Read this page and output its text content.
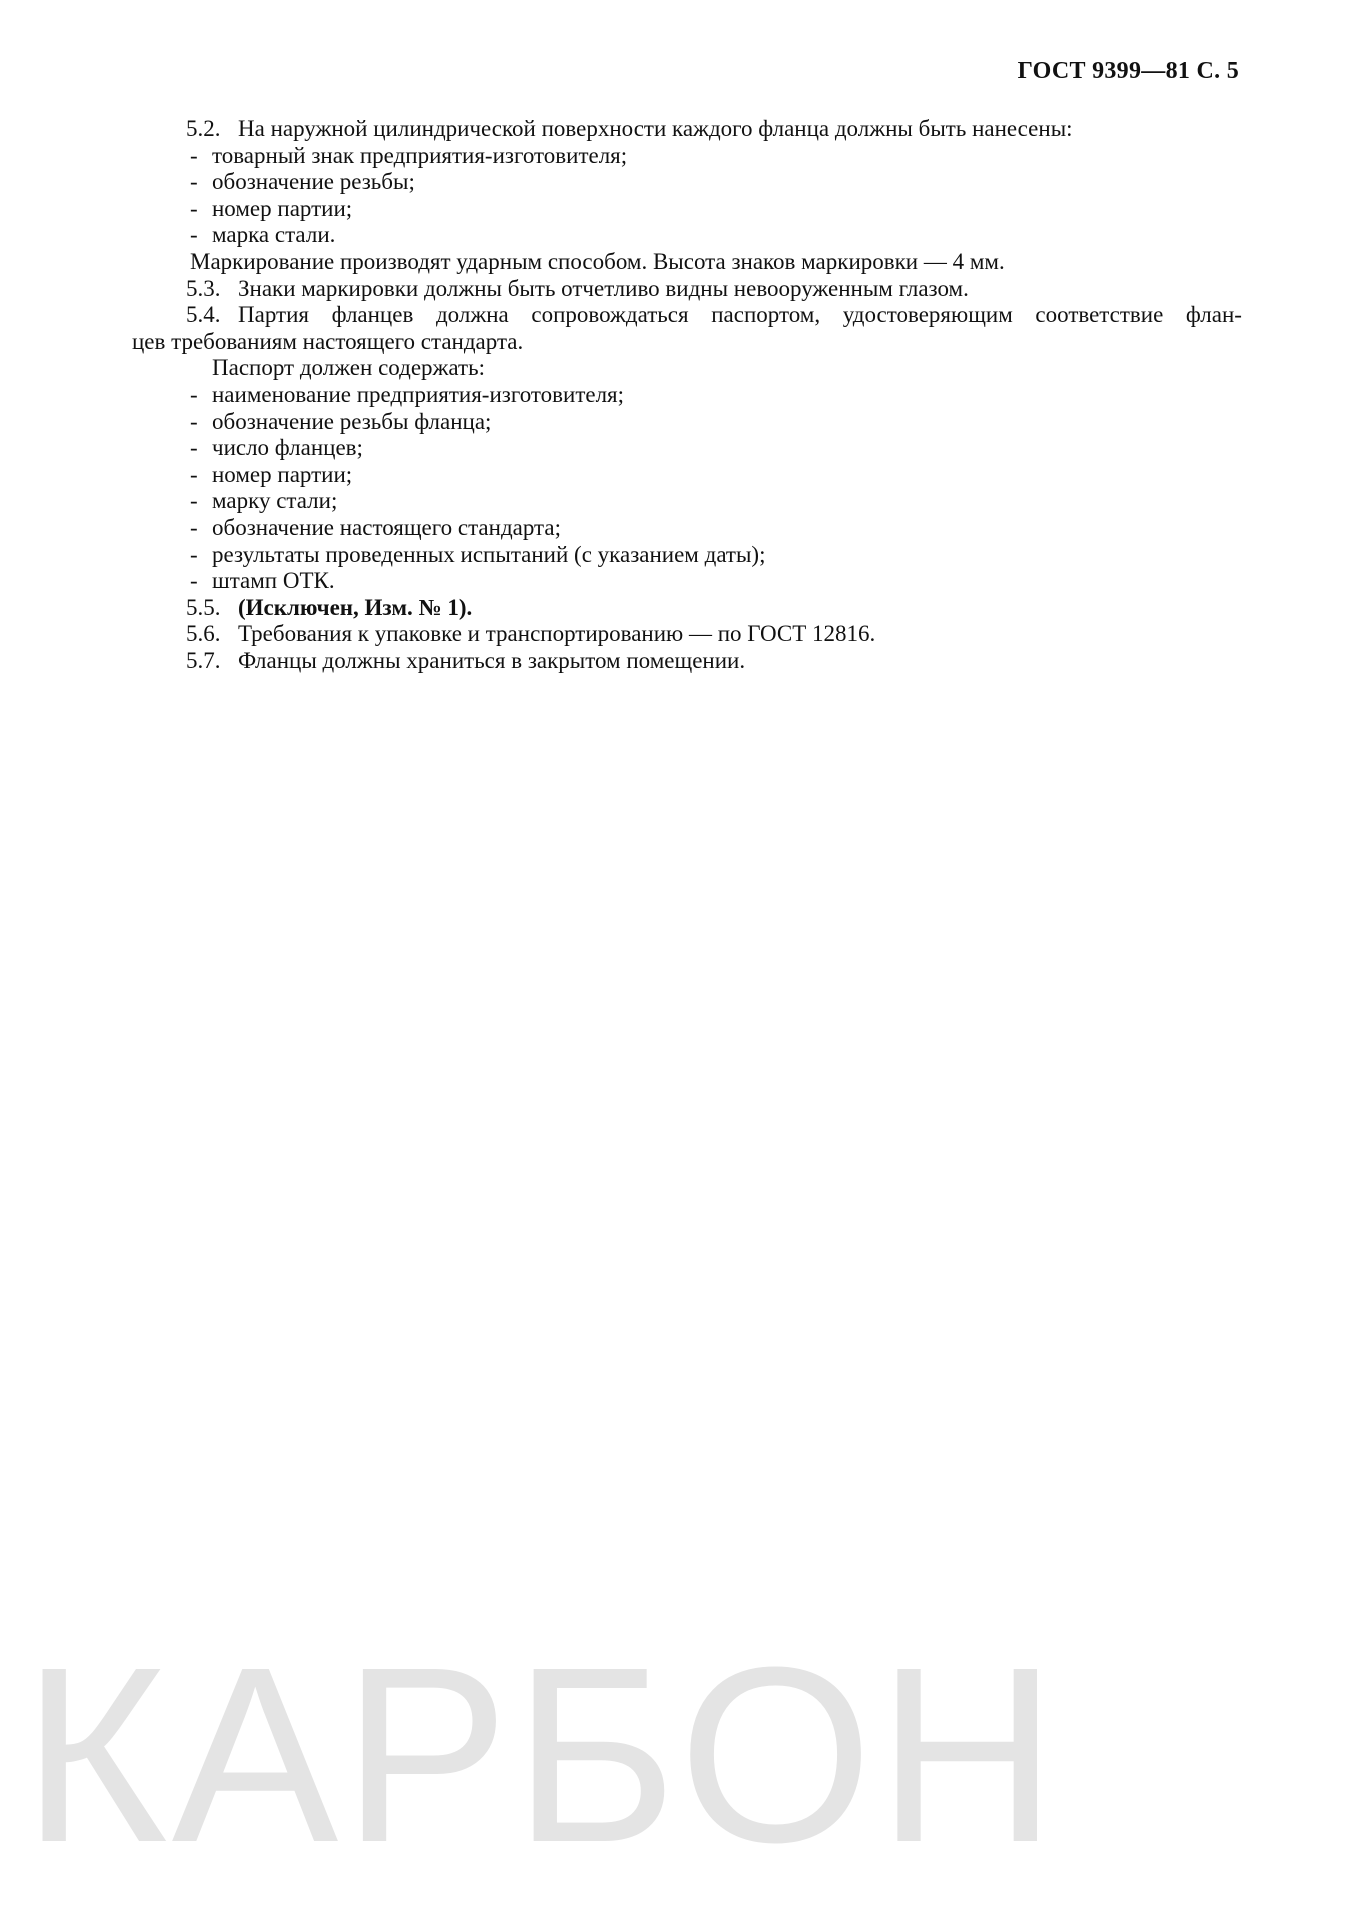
ГОСТ 9399—81 С. 5
5.2. На наружной цилиндрической поверхности каждого фланца должны быть нанесены:
- товарный знак предприятия-изготовителя;
- обозначение резьбы;
- номер партии;
- марка стали.
Маркирование производят ударным способом. Высота знаков маркировки — 4 мм.
5.3. Знаки маркировки должны быть отчетливо видны невооруженным глазом.
5.4. Партия фланцев должна сопровождаться паспортом, удостоверяющим соответствие флан-
цев требованиям настоящего стандарта.
Паспорт должен содержать:
- наименование предприятия-изготовителя;
- обозначение резьбы фланца;
- число фланцев;
- номер партии;
- марку стали;
- обозначение настоящего стандарта;
- результаты проведенных испытаний (с указанием даты);
- штамп ОТК.
5.5. (Исключен, Изм. № 1).
5.6. Требования к упаковке и транспортированию — по ГОСТ 12816.
5.7. Фланцы должны храниться в закрытом помещении.
КАРБОН
